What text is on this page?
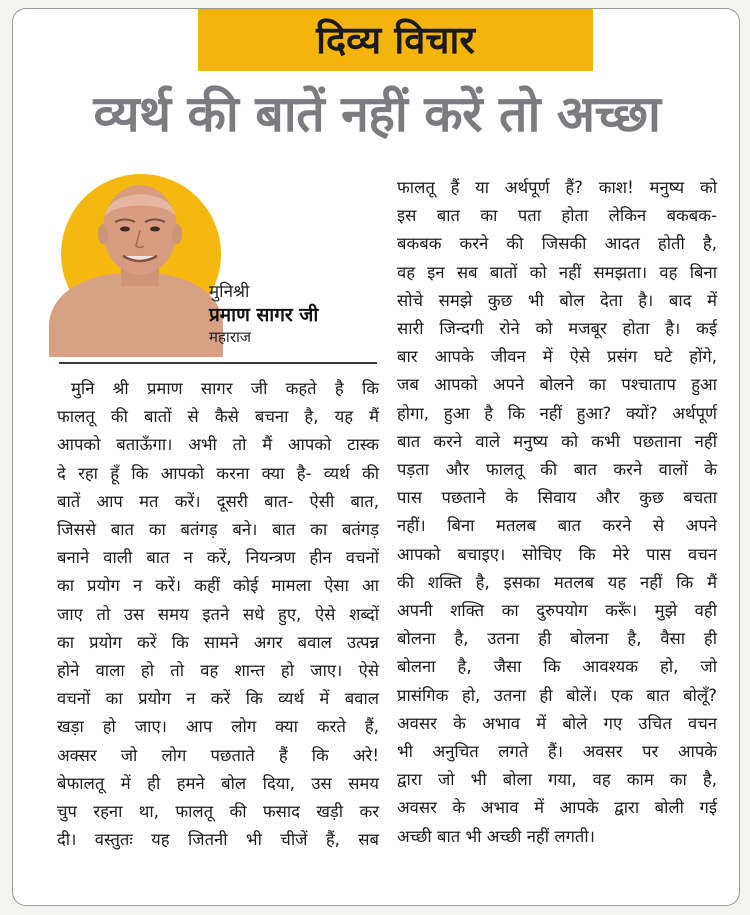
दिव्य विचार
व्यर्थ की बातें नहीं करें तो अच्छा
मुनिश्री
प्रमाण सागर जी
महाराज
मुनि श्री प्रमाण सागर जी कहते है कि
फालतू की बातों से कैसे बचना है, यह मैं
आपको बताऊँगा। अभी तो मैं आपको टास्क
दे रहा हूँ कि आपको करना क्या है- व्यर्थ की
बातें आप मत करें। दूसरी बात- ऐसी बात,
जिससे बात का बतंगड़ बने। बात का बतंगड़
बनाने वाली बात न करें, नियन्त्रण हीन वचनों
का प्रयोग न करें। कहीं कोई मामला ऐसा आ
जाए तो उस समय इतने सधे हुए, ऐसे शब्दों
का प्रयोग करें कि सामने अगर बवाल उत्पन्न
होने वाला हो तो वह शान्त हो जाए। ऐसे
वचनों का प्रयोग न करें कि व्यर्थ में बवाल
खड़ा हो जाए। आप लोग क्या करते हैं,
अक्सर जो लोग पछताते हैं कि अरे!
बेफालतू में ही हमने बोल दिया, उस समय
चुप रहना था, फालतू की फसाद खड़ी कर
दी। वस्तुतः यह जितनी भी चीजें हैं, सब
फालतू हैं या अर्थपूर्ण हैं? काश! मनुष्य को
इस बात का पता होता लेकिन बकबक-
बकबक करने की जिसकी आदत होती है,
वह इन सब बातों को नहीं समझता। वह बिना
सोचे समझे कुछ भी बोल देता है। बाद में
सारी जिन्दगी रोने को मजबूर होता है। कई
बार आपके जीवन में ऐसे प्रसंग घटे होंगे,
जब आपको अपने बोलने का पश्चाताप हुआ
होगा, हुआ है कि नहीं हुआ? क्यों? अर्थपूर्ण
बात करने वाले मनुष्य को कभी पछताना नहीं
पड़ता और फालतू की बात करने वालों के
पास पछताने के सिवाय और कुछ बचता
नहीं। बिना मतलब बात करने से अपने
आपको बचाइए। सोचिए कि मेरे पास वचन
की शक्ति है, इसका मतलब यह नहीं कि मैं
अपनी शक्ति का दुरुपयोग करूँ। मुझे वही
बोलना है, उतना ही बोलना है, वैसा ही
बोलना है, जैसा कि आवश्यक हो, जो
प्रासंगिक हो, उतना ही बोलें। एक बात बोलूँ?
अवसर के अभाव में बोले गए उचित वचन
भी अनुचित लगते हैं। अवसर पर आपके
द्वारा जो भी बोला गया, वह काम का है,
अवसर के अभाव में आपके द्वारा बोली गई
अच्छी बात भी अच्छी नहीं लगती।
